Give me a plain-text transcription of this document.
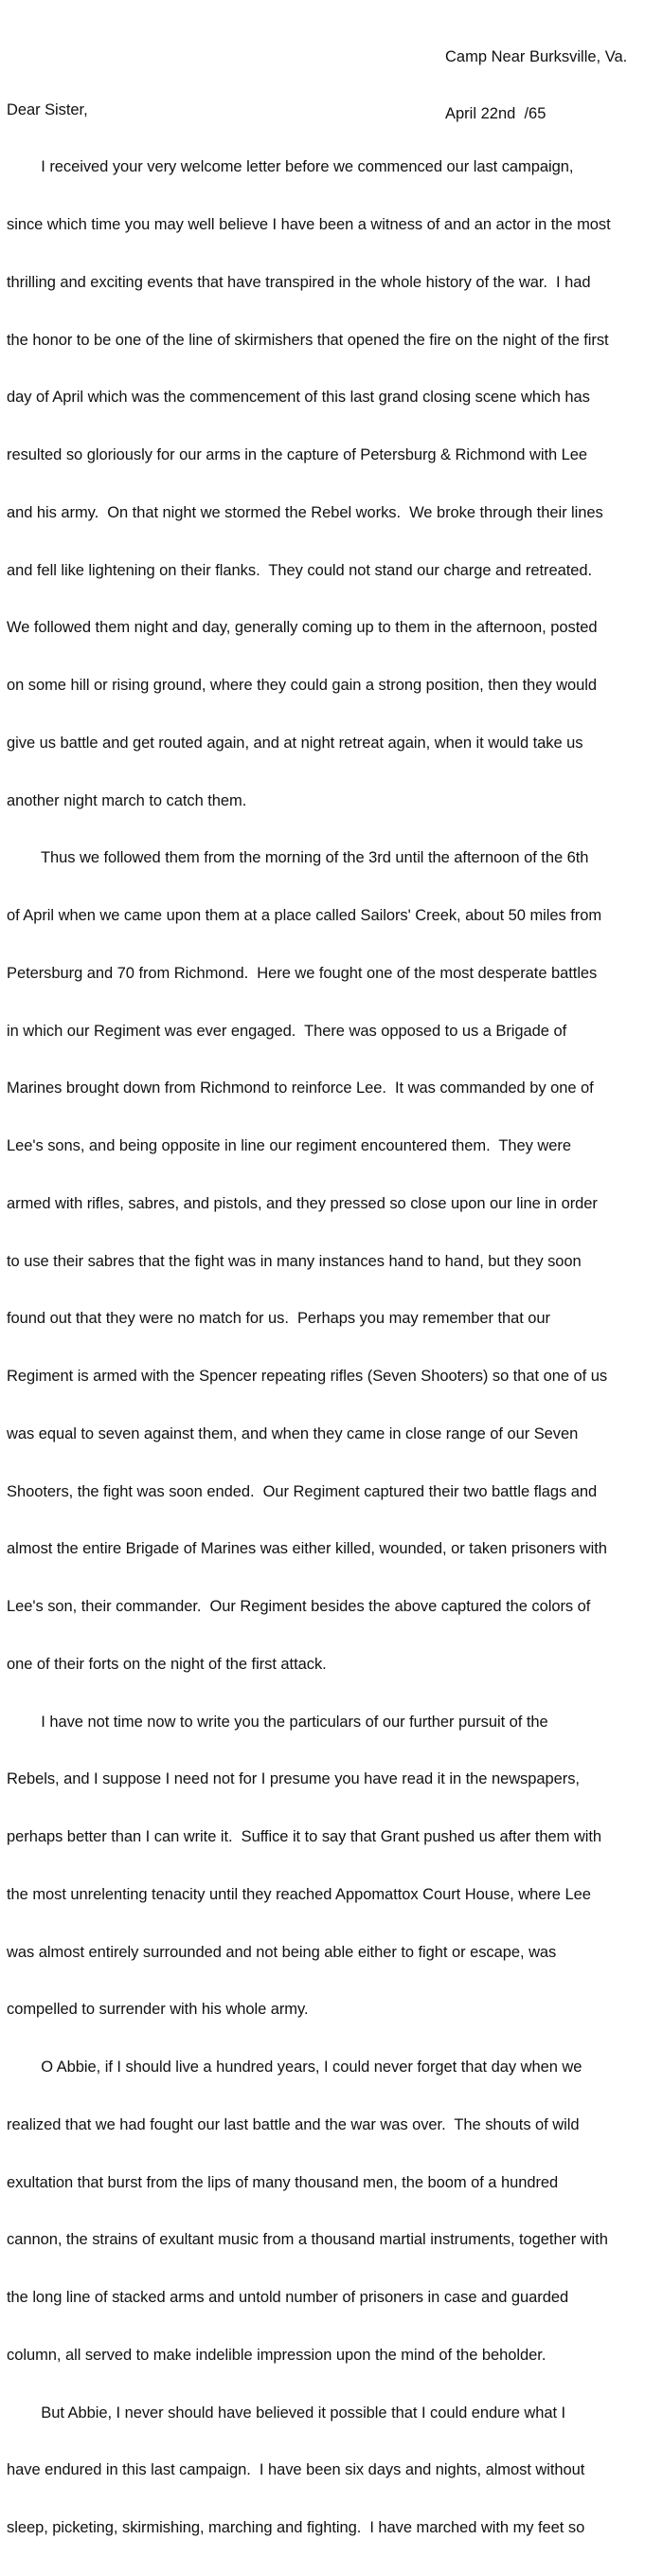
Camp Near Burksville, Va.

April 22nd  /65

Dear Sister,

I received your very welcome letter before we commenced our last campaign,

since which time you may well believe I have been a witness of and an actor in the most

thrilling and exciting events that have transpired in the whole history of the war.  I had

the honor to be one of the line of skirmishers that opened the fire on the night of the first

day of April which was the commencement of this last grand closing scene which has

resulted so gloriously for our arms in the capture of Petersburg & Richmond with Lee

and his army.  On that night we stormed the Rebel works.  We broke through their lines

and fell like lightening on their flanks.  They could not stand our charge and retreated.

We followed them night and day, generally coming up to them in the afternoon, posted

on some hill or rising ground, where they could gain a strong position, then they would

give us battle and get routed again, and at night retreat again, when it would take us

another night march to catch them.

Thus we followed them from the morning of the 3rd until the afternoon of the 6th

of April when we came upon them at a place called Sailors' Creek, about 50 miles from

Petersburg and 70 from Richmond.  Here we fought one of the most desperate battles

in which our Regiment was ever engaged.  There was opposed to us a Brigade of

Marines brought down from Richmond to reinforce Lee.  It was commanded by one of

Lee's sons, and being opposite in line our regiment encountered them.  They were

armed with rifles, sabres, and pistols, and they pressed so close upon our line in order

to use their sabres that the fight was in many instances hand to hand, but they soon

found out that they were no match for us.  Perhaps you may remember that our

Regiment is armed with the Spencer repeating rifles (Seven Shooters) so that one of us

was equal to seven against them, and when they came in close range of our Seven

Shooters, the fight was soon ended.  Our Regiment captured their two battle flags and

almost the entire Brigade of Marines was either killed, wounded, or taken prisoners with

Lee's son, their commander.  Our Regiment besides the above captured the colors of

one of their forts on the night of the first attack.

I have not time now to write you the particulars of our further pursuit of the

Rebels, and I suppose I need not for I presume you have read it in the newspapers,

perhaps better than I can write it.  Suffice it to say that Grant pushed us after them with

the most unrelenting tenacity until they reached Appomattox Court House, where Lee

was almost entirely surrounded and not being able either to fight or escape, was

compelled to surrender with his whole army.

O Abbie, if I should live a hundred years, I could never forget that day when we

realized that we had fought our last battle and the war was over.  The shouts of wild

exultation that burst from the lips of many thousand men, the boom of a hundred

cannon, the strains of exultant music from a thousand martial instruments, together with

the long line of stacked arms and untold number of prisoners in case and guarded

column, all served to make indelible impression upon the mind of the beholder.

But Abbie, I never should have believed it possible that I could endure what I

have endured in this last campaign.  I have been six days and nights, almost without

sleep, picketing, skirmishing, marching and fighting.  I have marched with my feet so
